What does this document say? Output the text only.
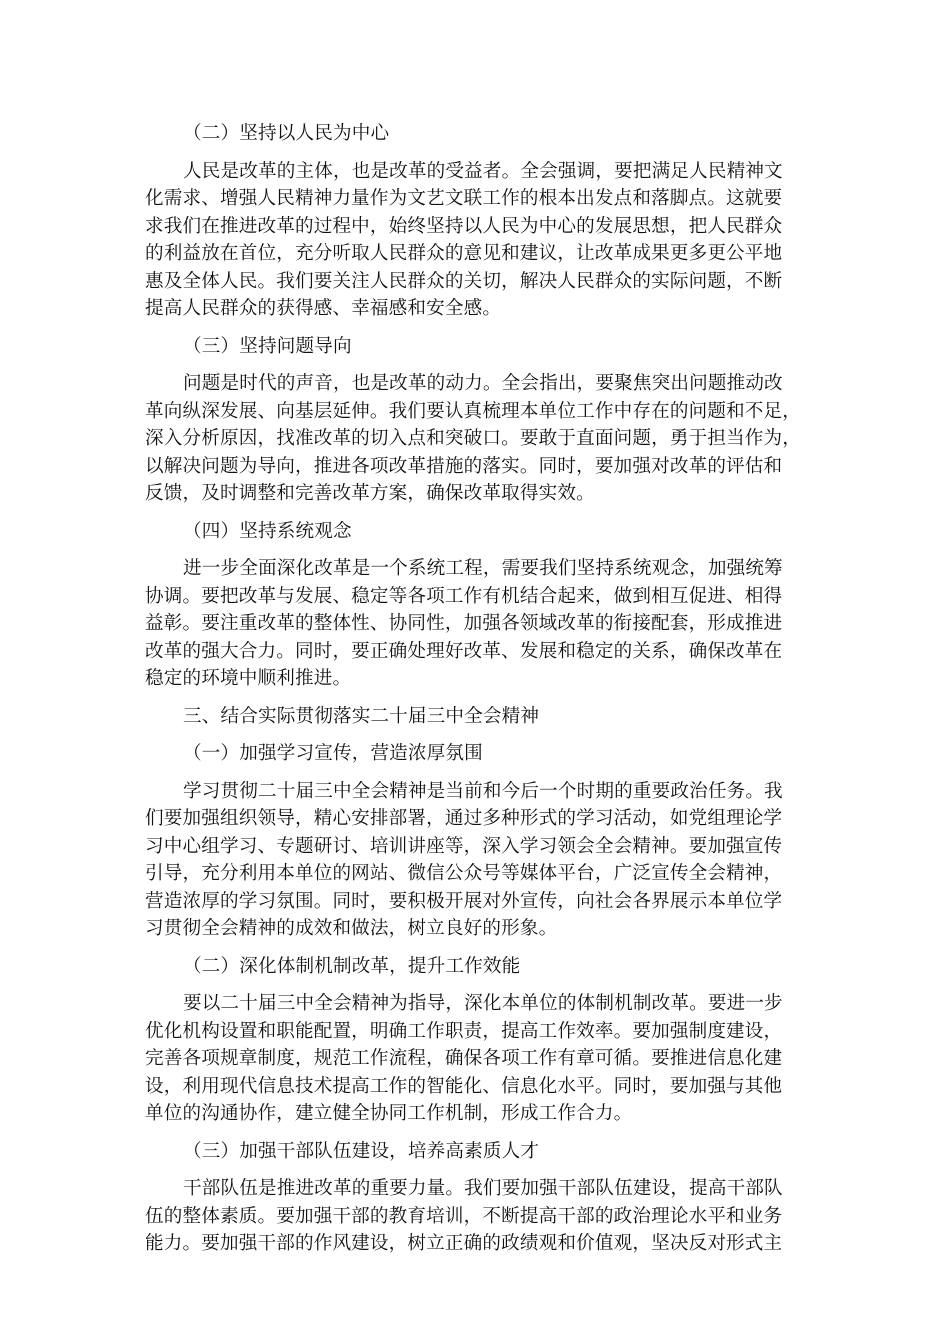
（二）坚持以人民为中心
人民是改革的主体，也是改革的受益者。全会强调，要把满足人民精神文
化需求、增强人民精神力量作为文艺文联工作的根本出发点和落脚点。这就要
求我们在推进改革的过程中，始终坚持以人民为中心的发展思想，把人民群众
的利益放在首位，充分听取人民群众的意见和建议，让改革成果更多更公平地
惠及全体人民。我们要关注人民群众的关切，解决人民群众的实际问题，不断
提高人民群众的获得感、幸福感和安全感。
（三）坚持问题导向
问题是时代的声音，也是改革的动力。全会指出，要聚焦突出问题推动改
革向纵深发展、向基层延伸。我们要认真梳理本单位工作中存在的问题和不足，
深入分析原因，找准改革的切入点和突破口。要敢于直面问题，勇于担当作为，
以解决问题为导向，推进各项改革措施的落实。同时，要加强对改革的评估和
反馈，及时调整和完善改革方案，确保改革取得实效。
（四）坚持系统观念
进一步全面深化改革是一个系统工程，需要我们坚持系统观念，加强统筹
协调。要把改革与发展、稳定等各项工作有机结合起来，做到相互促进、相得
益彰。要注重改革的整体性、协同性，加强各领域改革的衔接配套，形成推进
改革的强大合力。同时，要正确处理好改革、发展和稳定的关系，确保改革在
稳定的环境中顺利推进。
三、结合实际贯彻落实二十届三中全会精神
（一）加强学习宣传，营造浓厚氛围
学习贯彻二十届三中全会精神是当前和今后一个时期的重要政治任务。我
们要加强组织领导，精心安排部署，通过多种形式的学习活动，如党组理论学
习中心组学习、专题研讨、培训讲座等，深入学习领会全会精神。要加强宣传
引导，充分利用本单位的网站、微信公众号等媒体平台，广泛宣传全会精神，
营造浓厚的学习氛围。同时，要积极开展对外宣传，向社会各界展示本单位学
习贯彻全会精神的成效和做法，树立良好的形象。
（二）深化体制机制改革，提升工作效能
要以二十届三中全会精神为指导，深化本单位的体制机制改革。要进一步
优化机构设置和职能配置，明确工作职责，提高工作效率。要加强制度建设，
完善各项规章制度，规范工作流程，确保各项工作有章可循。要推进信息化建
设，利用现代信息技术提高工作的智能化、信息化水平。同时，要加强与其他
单位的沟通协作，建立健全协同工作机制，形成工作合力。
（三）加强干部队伍建设，培养高素质人才
干部队伍是推进改革的重要力量。我们要加强干部队伍建设，提高干部队
伍的整体素质。要加强干部的教育培训，不断提高干部的政治理论水平和业务
能力。要加强干部的作风建设，树立正确的政绩观和价值观，坚决反对形式主
